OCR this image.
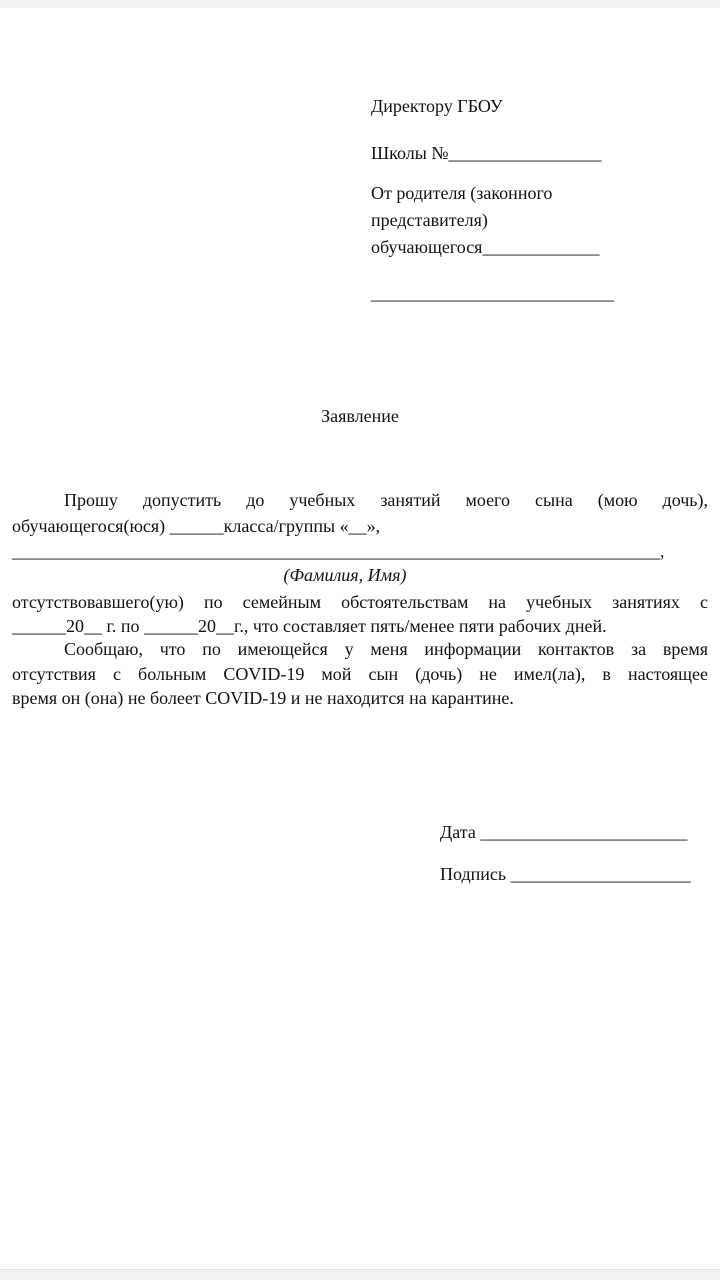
Директору ГБОУ

Школы №_________________

От родителя (законного

представителя)

обучающегося_____________

___________________________

Заявление

Прошу допустить до учебных занятий моего сына (мою дочь),

обучающегося(юся) ______класса/группы «__»,

________________________________________________________________________,

(Фамилия, Имя)

отсутствовавшего(ую) по семейным обстоятельствам на учебных занятиях с

______20__ г. по ______20__г., что составляет пять/менее пяти рабочих дней.

Сообщаю, что по имеющейся у меня информации контактов за время

отсутствия с больным COVID-19 мой сын (дочь) не имел(ла), в настоящее

время он (она) не болеет COVID-19 и не находится на карантине.

Дата _______________________

Подпись ____________________
